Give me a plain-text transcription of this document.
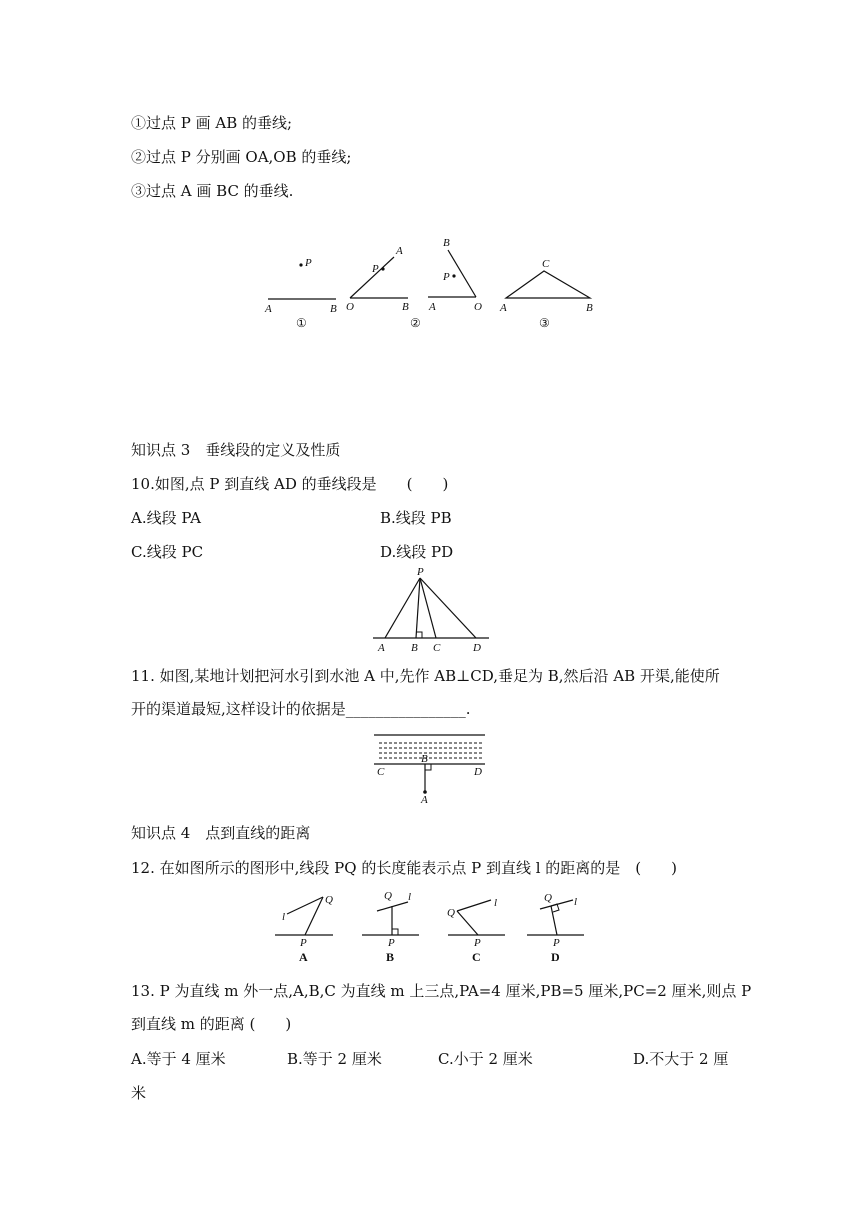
①过点 P 画 AB 的垂线;
②过点 P 分别画 OA,OB 的垂线;
③过点 A 画 BC 的垂线.
P
A	B
①
P
A
O	B
B
P
A	O
②
C
A	B
③
知识点 3　垂线段的定义及性质
10.如图,点 P 到直线 AD 的垂线段是　　(　　)
A.线段 PA	B.线段 PB
C.线段 PC	D.线段 PD
P
A B C	D
11. 如图,某地计划把河水引到水池 A 中,先作 AB⊥CD,垂足为 B,然后沿 AB 开渠,能使所
开的渠道最短,这样设计的依据是________________.
B
C	D
A
知识点 4　点到直线的距离
12. 在如图所示的图形中,线段 PQ 的长度能表示点 P 到直线 l 的距离的是　(　　)
l
Q
P
A
Q l
P
B
Q
l
P
C
Q l
P
D
13. P 为直线 m 外一点,A,B,C 为直线 m 上三点,PA=4 厘米,PB=5 厘米,PC=2 厘米,则点 P
到直线 m 的距离 (　　)
A.等于 4 厘米	B.等于 2 厘米	C.小于 2 厘米	D.不大于 2 厘
米
